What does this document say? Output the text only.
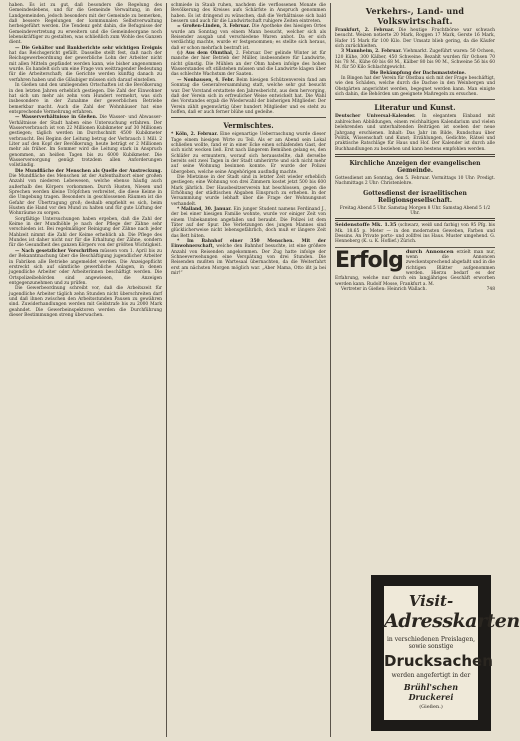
haben. Es ist zu gut, daß besonders die Regelung des Gemeindeslebens, und für die Gemeinde Verwaltung, in den Landgemeinden, jedoch besonders mit der Gemeinde zu bemerken, daß bessere Regelungen der kommunalen Selbstverwaltung herbeigeführt werden. Die Tendenz geht dahin, die Befugnisse der Gemeindevertretung zu erweitern und die Gemeindeorgane noch lebenskräftiger zu gestalten, was schließlich zum Wohle des Ganzen dient.

— Die Gehälter und Bankberichte sehr wichtigen Ereignis hat das Reichsgericht gefällt. Dasselbe stellt fest, daß nach der Reichsgewerbeordnung der gewerbliche Lohn der Arbeiter nicht mit allen Mitteln gepfändet werden kann, wie bisher angenommen wurde. Es handelt sich um eine Frage von weittragender Bedeutung für die Arbeiterschaft; die Gerichte werden künftig danach zu verfahren haben und die Gläubiger müssen sich darauf einstellen.

In Gießen und den umliegenden Ortschaften ist die Bevölkerung in den letzten Jahren erheblich gestiegen. Die Zahl der Einwohner hat sich um mehr als zehn vom Hundert vermehrt, was sich insbesondere in der Zunahme der gewerblichen Betriebe bemerkbar macht. Auch die Zahl der Wohnhäuser hat eine entsprechende Vermehrung erfahren.

— Wasserverhältnisse in Gießen. Die Wasser- und Abwasser-Verhältnisse der Stadt haben eine Untersuchung erfahren. Der Wasserverbrauch ist von 22 Millionen Kubikmeter auf 30 Millionen gestiegen; täglich werden im Durchschnitt 4500 Kubikmeter verbraucht. Bei Beginn der Leitung betrug der Verbrauch 1 Mill. 2 Liter auf den Kopf der Bevölkerung; heute beträgt er 2 Millionen mehr als früher. Im Sommer wird die Leitung stark in Anspruch genommen, an heißen Tagen bis zu 6000 Kubikmeter. Die Wasserversorgung genügt trotzdem allen Anforderungen vollständig.

Die Mundfläche der Menschen als Quelle der Anstreckung. Die Mundfläche des Menschen ist der Aufenthaltsort einer großen Anzahl von niederen Lebewesen, welche ebenso häufig auch außerhalb des Körpers vorkommen. Durch Husten, Niesen und Sprechen werden kleine Tröpfchen verbreitet, die diese Keime in die Umgebung tragen. Besonders in geschlossenen Räumen ist die Gefahr der Übertragung groß; deshalb empfiehlt es sich, beim Husten die Hand vor den Mund zu halten und für gute Lüftung der Wohnräume zu sorgen.

Sorgfältige Untersuchungen haben ergeben, daß die Zahl der Keime in der Mundhöhle je nach der Pflege der Zähne sehr verschieden ist. Bei regelmäßiger Reinigung der Zähne nach jeder Mahlzeit nimmt die Zahl der Keime erheblich ab. Die Pflege des Mundes ist daher nicht nur für die Erhaltung der Zähne, sondern für die Gesundheit des ganzen Körpers von der größten Wichtigkeit.

— Nach gesetzlicher Vorschriften müssen vom 1. April bis zu der Bekanntmachung über die Beschäftigung jugendlicher Arbeiter in Fabriken alle Betriebe angemeldet werden. Die Anzeigepflicht erstreckt sich auf sämtliche gewerbliche Anlagen, in denen jugendliche Arbeiter oder Arbeiterinnen beschäftigt werden. Die Ortspolizeibehörden sind angewiesen, die Anzeigen entgegenzunehmen und zu prüfen.

Die Gewerbeordnung schreibt vor, daß die Arbeitszeit für jugendliche Arbeiter täglich zehn Stunden nicht überschreiten darf und daß ihnen zwischen den Arbeitsstunden Pausen zu gewähren sind. Zuwiderhandlungen werden mit Geldstrafe bis zu 2000 Mark geahndet. Die Gewerbeinspektoren werden die Durchführung dieser Bestimmungen streng überwachen.

schmiede in Staub ruhen, nachdem die verflossenen Monate die Bevölkerung des Kreises aufs Schärfste in Anspruch genommen haben. Es ist dringend zu wünschen, daß die Verhältnisse sich bald bessern und auch für die Landwirtschaft ruhigere Zeiten eintreten.

= Großen-Linden, 3. Februar. Die Apotheke des hiesigen Ortes wurde am Sonntag von einem Mann besucht, welcher sich als Reisender ausgab und verschiedene Waren anbot. Da er sich verdächtig machte, wurde er festgenommen; es stellte sich heraus, daß er schon mehrfach bestraft ist.

(:) Aus dem Ohmthal, 2. Februar. Der gelinde Winter ist für manche der hier Betrieb der Müller, insbesondere für Landwirte, nicht günstig. Die Mühlen an der Ohm haben infolge des hohen Wasserstandes oft stillstehen müssen und die Landwirte klagen über das schlechte Wachstum der Saaten.

— Nonhausen, 4. Febr. Beim hiesigen Schützenverein fand am Sonntag die Generalversammlung statt, welche sehr gut besucht war. Der Vorstand erstattete den Jahresbericht, aus dem hervorging, daß der Verein sich in erfreulicher Weise entwickelt hat. Die Wahl des Vorstandes ergab die Wiederwahl der bisherigen Mitglieder. Der Verein zählt gegenwärtig über hundert Mitglieder und es steht zu hoffen, daß er auch ferner blühe und gedeihe.

Vermischtes.

* Köln, 2. Februar. Eine eigenartige Ueberraschung wurde dieser Tage einem hiesigen Wirte zu Teil. Als er am Abend sein Lokal schließen wollte, fand er in einer Ecke einen schlafenden Gast, der sich nicht wecken ließ. Erst nach längerem Bemühen gelang es, den Schläfer zu ermuntern, worauf sich herausstellte, daß derselbe bereits seit zwei Tagen in der Stadt umherirrte und sich nicht mehr auf seine Wohnung besinnen konnte. Er wurde der Polizei übergeben, welche seine Angehörigen ausfindig machte.

Die Mietzinse in der Stadt sind in letzter Zeit wieder erheblich gestiegen; eine Wohnung von drei Zimmern kostet jetzt 500 bis 600 Mark jährlich. Der Hausbesitzerverein hat beschlossen, gegen die Erhöhung der städtischen Abgaben Einspruch zu erheben. In der Versammlung wurde lebhaft über die Frage der Wohnungsnot verhandelt.

* Mailand, 30. Januar. Ein junger Student namens Ferdinand J., der bei einer hiesigen Familie wohnte, wurde vor einiger Zeit von einem Unbekannten angefallen und beraubt. Die Polizei ist dem Täter auf der Spur. Die Verletzungen des jungen Mannes sind glücklicherweise nicht lebensgefährlich, doch muß er längere Zeit das Bett hüten.

* Im Bahnhof einer 350 Menschen. Mit der Einwohnerschaft, welche den Bahnhof besuchte, ist eine größere Anzahl von Reisenden angekommen. Der Zug hatte infolge der Schneeverwehungen eine Verspätung von drei Stunden. Die Reisenden mußten im Wartesaal übernachten, da die Weiterfahrt erst am nächsten Morgen möglich war. „Aber Mama, Otto ißt ja bei mir!“

Verkehrs-, Land- und Volkswirtschaft.

Frankfurt, 2. Februar. Die heutige Fruchtbörse war schwach besucht. Weizen notierte 20 Mark, Roggen 17 Mark, Gerste 16 Mark, Hafer 15 Mark für 100 Kilo. Der Umsatz blieb gering, da die Käufer sich zurückhielten.

3 Mannheim, 2. Februar. Viehmarkt. Zugeführt waren: 50 Ochsen, 120 Kühe, 300 Kälber, 450 Schweine. Bezahlt wurden für Ochsen 70 bis 78 M., Kühe 60 bis 68 M., Kälber 80 bis 90 M., Schweine 56 bis 60 M. für 50 Kilo Schlachtgewicht.

Die Bekämpfung der Dachsmaststeine.

In Bingen hat der Verein für Obstbau sich mit der Frage beschäftigt, wie den Schäden, welche durch die Dachse in den Weinbergen und Obstgärten angerichtet werden, begegnet werden kann. Man einigte sich dahin, die Behörden um geeignete Maßregeln zu ersuchen.

Literatur und Kunst.

Deutscher Universal-Kalender. In elegantem Einband mit zahlreichen Abbildungen, einem reichhaltigen Kalendarium und vielen belehrenden und unterhaltenden Beiträgen ist soeben der neue Jahrgang erschienen. Inhalt: Das Jahr im Bilde, Rundschau über Politik, Wissenschaft und Kunst; Erzählungen, Gedichte, Rätsel und praktische Ratschläge für Haus und Hof. Der Kalender ist durch alle Buchhandlungen zu beziehen und kann bestens empfohlen werden.

Kirchliche Anzeigen der evangelischen Gemeinde.

Gottesdienst am Sonntag, den 5. Februar. Vormittags 10 Uhr: Predigt. Nachmittags 2 Uhr: Christenlehre.

Gottesdienst der israelitischen Religionsgesellschaft.

Freitag Abend 5 Uhr. Samstag Morgen 8 Uhr. Samstag Abend 5 1/2 Uhr.

Seidenstoffe Mk. 1.35 (schwarz, weiß und farbig) von 95 Pfg. bis Mk. 18.65 p. Meter — in den modernsten Geweben, Farben und Dessins. An Private porto- und zollfrei ins Haus. Muster umgehend. G. Henneberg (K. u. K. Hoflief.) Zürich.

Erfolg durch Annoncen erzielt man nur, wenn die Annoncen zweckentsprechend abgefaßt und in die richtigen Blätter aufgenommen werden. Hierzu bedarf es der Erfahrung, welche nur durch ein langjähriges Geschäft erworben werden kann. Rudolf Mosse, Frankfurt a. M.

Vertreter in Gießen: Heinrich Wallach.	748

Visit-
Adresskarten
in verschiedenen Preislagen, sowie sonstige
Drucksachen
werden angefertigt in der
Brühl'schen Druckerei
(Gießen.)
